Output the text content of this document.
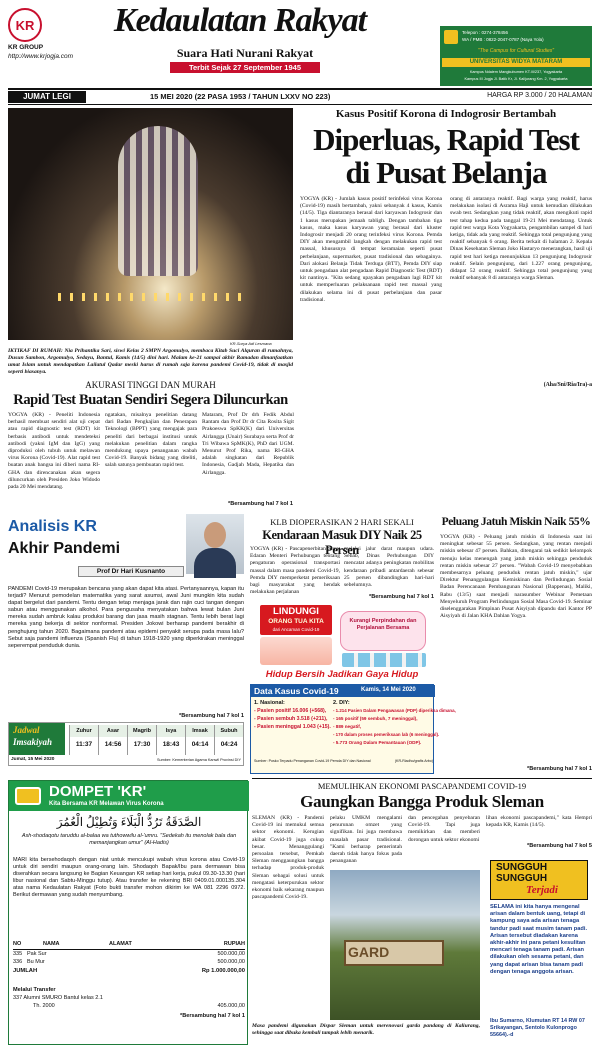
KR
KR GROUP
http://www.krjogja.com
Kedaulatan Rakyat
Suara Hati Nurani Rakyat
Terbit Sejak 27 September 1945
Telepon : 0274-378456
WA / PMB : 0822-2047-0787 (Naya Yola)
"The Campus for Cultural Studies"
UNIVERSITAS WIDYA MATARAM
Kampus Ndalem Mangkubumen KT.III/237, Yogyakarta
Kampus III Jogja Jl. Batik Kr, Jl. Kalijurang Km. 2, Yogyakarta
JUMAT LEGI	15 MEI 2020 (22 PASA 1953 / TAHUN LXXV NO 223)	HARGA RP 3.000 / 20 HALAMAN
KR-Surya Adi Lesmana
IKTIKAF DI RUMAH: Nia Prihantika Sari, siswi Kelas 2 SMPN Argomulyo, membaca Kitab Suci Alquran di rumahnya, Dusun Sambon, Argomulyo, Sedayu, Bantul, Kamis (14/5) dini hari. Malam ke-21 sampai akhir Ramadan dimanfaatkan umat Islam untuk mendapatkan Lailatul Qadar meski harus di rumah saja karena pandemi Covid-19, tidak di masjid seperti biasanya.
Kasus Positif Korona di Indogrosir Bertambah
Diperluas, Rapid Test
di Pusat Belanja
YOGYA (KR) - Jumlah kasus positif terinfeksi virus Korona (Covid-19) masih bertambah, yakni sebanyak 4 kasus, Kamis (14/5). Tiga diantaranya berasal dari karyawan Indogrosir dan 1 kasus merupakan jemaah tabligh. Dengan tambahan tiga kasus, maka kasus karyawan yang berasal dari kluster Indogrosir menjadi 20 orang terinfeksi virus Korona. Pemda DIY akan mengambil langkah dengan melakukan rapid test massal, khususnya di tempat keramaian seperti pusat perbelanjaan, supermarket, pusat tradisional dan sebagainya. Dari alokasi Belanja Tidak Terduga (BTT), Pemda DIY siap untuk pengadaan alat pengadaan Rapid Diagnostic Test (RDT) kit nantinya. "Kita sedang upayakan pengadaan lagi RDT kit untuk memperluaran pelaksanaan rapid test massal yang dilakukan selama ini di pusat perbelanjaan dan pasar tradisional.
orang di antaranya reaktif. Bagi warga yang reaktif, harus melakukan isolasi di Asrama Haji untuk kemudian dilakukan swab test. Sedangkan yang tidak reaktif, akan mengikuti rapid test tahap kedua pada tanggal 19-21 Mei mendatang. Untuk rapid test warga Kota Yogyakarta, pengambilan sampel di hari ketiga, tidak ada yang reaktif. Sehingga total pengunjung yang reaktif sebanyak 6 orang. Berita terkait di halaman 2. Kepala Dinas Kesehatan Sleman Joko Hastaryo menerangkan, hasil uji rapid test hari ketiga menunjukkan 13 pengunjung Indogrosir reaktif. Selain pengunjung, dari 1.227 orang pengunjung, didapat 52 orang reaktif. Sehingga total pengunjung yang reaktif sebanyak 8 di antaranya warga Sleman.
(Aha/Sni/Ria/Ira)-a
AKURASI TINGGI DAN MURAH
Rapid Test Buatan Sendiri Segera Diluncurkan
YOGYA (KR) - Peneliti Indonesia berhasil membuat sendiri alat uji cepat atau rapid diagnostic test (RDT) kit berbasis antibodi untuk mendeteksi antibodi (yakni IgM dan IgG) yang diproduksi oleh tubuh untuk melawan virus Korona (Covid-19). Alat rapid test buatan anak bangsa ini diberi nama RI-GHA dan direncanakan akan segera diluncurkan oleh Presiden Joko Widodo pada 20 Mei mendatang.
ngatakan, misalnya penelitian datang dari Badan Pengkajian dan Penerapan Teknologi (BPPT) yang mengajak para peneliti dari berbagai institusi untuk melakukan penelitian dalam rangka mendukung upaya penanganan wabah Covid-19. Banyak bidang yang diteliti, salah satunya pembuatan rapid test.
Mataram, Prof Dr drh Fedik Abdul Rantam dan Prof Dr dr Cita Rosita Sigit Prakoeswa SpKK(K) dari Universitas Airlangga (Unair) Surabaya serta Prof dr Tri Wibawa SpMK(K), PhD dari UGM. Menurut Prof Rika, nama RI-GHA adalah singkatan dari Republik Indonesia, Gadjah Mada, Hepatika dan Airlangga.
*Bersambung hal 7 kol 1
Analisis KR
Akhir Pandemi
Prof Dr Hari Kusnanto
PANDEMI Covid-19 merupakan bencana yang akan dapat kita atasi. Pertanyaannya, kapan itu terjadi? Menurut pemodelan matematika yang sarat asumsi, awal Juni mungkin kita sudah dapat bergelut dari pandemi. Tentu dengan tetap menjaga jarak dan rajin cuci tangan dengan sabun atau menggunakan alkohol. Para pengusaha menyatakan bahwa lewat bulan Juni mereka sudah ambruk kalau produksi barang dan jasa masih stagnan. Tentu lebih berat lagi mereka yang bekerja di sektor nonformal. Presiden Jokowi berharap pandemi berakhir di penghujung tahun 2020. Bagaimana pandemi atau epidemi penyakit serupa pada masa lalu? Sebut saja pandemi influenza (Spanish Flu) di tahun 1918-1920 yang diperkirakan meninggal seperempat penduduk dunia.
*Bersambung hal 7 kol 1
KLB DIOPERASIKAN 2 HARI SEKALI
Kendaraan Masuk DIY Naik 25 Persen
YOGYA (KR) - Pascapenerbitan Surat Edaran Menteri Perhubungan tentang pengaturan operasional transportasi massal dalam masa pandemi Covid-19, Pemda DIY memperketat pemeriksaan bagi masyarakat yang hendak melakukan perjalanan
melalui jalur darat maupun udara. Sebab, Dinas Perhubungan DIY mencatat adanya peningkatan mobilitas kendaraan pribadi antardaerah sebesar 25 persen dibandingkan hari-hari sebelumnya.
*Bersambung hal 7 kol 1
Peluang Jatuh Miskin Naik 55%
YOGYA (KR) - Peluang jatuh miskin di Indonesia saat ini meningkat sebesar 55 persen. Sedangkan, yang rentan menjadi miskin sebesar 47 persen. Bahkan, ditengarai tak sedikit kelompok menuju kelas menengah yang jatuh miskin sehingga penduduk rentan miskin sebesar 27 persen. "Wabah Covid-19 menyebabkan membesarnya peluang penduduk rentan jatuh miskin," ujar Direktur Penanggulangan Kemiskinan dan Perlindungan Sosial Badan Perencanaan Pembangunan Nasional (Bappenas), Maliki, Rabu (13/5) saat menjadi narasumber Webinar Pemetaan Menyeluruh Program Perlindungan Sosial Masa Covid-19. Seminar diselenggarakan Pimpinan Pusat Aisyiyah dipandu dari Kantor PP Aisyiyah di Jalan KHA Dahlan Yogya.
*Bersambung hal 7 kol 1
LINDUNGI
ORANG TUA KITA
dari Ancaman Covid-19
Kurangi Perpindahan dan Perjalanan Bersama
Hidup Bersih Jadikan Gaya Hidup
Data Kasus Covid-19	Kamis, 14 Mei 2020
1. Nasional:
- Pasien positif 16.006 (+568),
- Pasien sembuh 3.518 (+211),
- Pasien meninggal 1.043 (+15).
2. DIY:
- 1.214 Pasien Dalam Pengawasan (PDP) diperiksa dimana,
- 165 positif (59 sembuh, 7 meninggal),
- 889 negatif,
- 170 dalam proses pemeriksaan lab (6 meninggal).
- 5.773 Orang Dalam Pemantauan (ODP).
Sumber: Posko Terpadu Penanganan Covid-19 Pemda DIY dan Nasional	(KR-Riadho/grafis Arbo)
Jadwal
Imsakiyah
Jumat, 15 Mei 2020	Sumber: Kementerian Agama Kanwil Provinsi DIY
Zuhur
11:37
Asar
14:56
Magrib
17:30
Isya
18:43
Imsak
04:14
Subuh
04:24
DOMPET 'KR'
Kita Bersama KR Melawan Virus Korona
الصَّدَقَةُ تَرُدُّ الْبَلَاءَ وَتُطِيْلُ الْعُمُرَ
Ash-shodaqotu taruddu al-balaa wa tuthowwilu al-'umru. "Sedekah itu menolak bala dan memanjangkan umur" (Al-Hadis)
MARI kita bersehodaqoh dengan niat untuk mencukupi wabah virus korona atau Covid-19 untuk diri sendiri maupun orang-orang lain. Shodaqoh Bapak/Ibu para dermawan bisa diserahkan secara langsung ke Bagian Keuangan KR setiap hari kerja, pukul 09.30-13.30 (hari libur nasional dan Sabtu-Minggu tutup). Atau transfer ke rekening BRI 0409.01.000135.304 atas nama Kedaulatan Rakyat (Foto bukti transfer mohon dikirim ke WA 081 2296 0972. Berikut dermawan yang sudah menyumbang.
NO	NAMA	ALAMAT	RUPIAH
335 Pak Sur	500.000,00
336 Bu Mur	500.000,00
JUMLAH	Rp 1.000.000,00
Melalui Transfer
337 Alumni SMURO Bantul kelas 2.1
Th. 2000	405.000,00
*Bersambung hal 7 kol 1
MEMULIHKAN EKONOMI PASCAPANDEMI COVID-19
Gaungkan Bangga Produk Sleman
SLEMAN (KR) - Pandemi Covid-19 ini memukul semua sektor ekonomi. Kerugian akibat Covid-19 juga cukup besar. Menanggulangi persoalan tersebut, Pemkab Sleman menggaungkan bangga terhadap produk-produk Sleman sebagai solusi untuk mengatasi keterpurukan sektor ekonomi baik sekarang maupun pascapandemi Covid-19.
pelaku UMKM mengalami penurunan omzet yang signifikan. Ini juga membawa masalah pasar tradisional. "Kami berharap pemerintah daerah tidak hanya fokus pada penanganan
dan pencegahan penyebaran Covid-19. Tapi juga memikirkan dan memberi dorongan untuk sektor ekonomi
lihan ekonomi pascapandemi," kata Hempri kepada KR, Kamis (14/5).
*Bersambung hal 7 kol 5
GARD
Masa pandemi digunakan Dispar Sleman untuk merenovasi garda pandang di Kaliurang, sehingga saat dibuka kembali tampak lebih menarik.
SUNGGUH
SUNGGUH
Terjadi
SELAMA ini kita hanya mengenal arisan dalam bentuk uang, tetapi di kampung saya ada arisan tenaga tandur padi saat musim tanam padi. Arisan tersebut diadakan karena akhir-akhir ini para petani kesulitan mencari tenaga tanam padi. Arisan dilakukan oleh sesama petani, dan yang dapat arisan bisa tanam padi dengan tenaga anggota arisan.
Ibu Sumarno, Klumutan RT 14 RW 07 Srikayangan, Sentolo Kulonprogo 55664).-d
